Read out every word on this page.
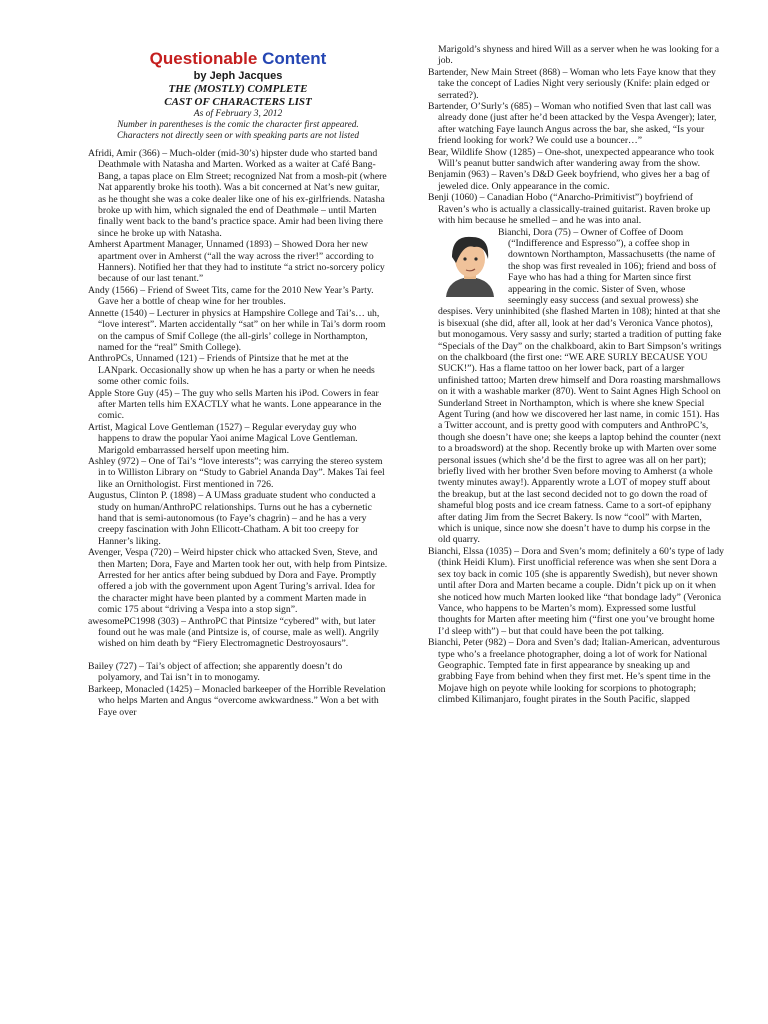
Questionable Content
by Jeph Jacques
THE (MOSTLY) COMPLETE
CAST OF CHARACTERS LIST
As of February 3, 2012
Number in parentheses is the comic the character first appeared.
Characters not directly seen or with speaking parts are not listed
Afridi, Amir (366) – Much-older (mid-30’s) hipster dude who started band Deathmøle with Natasha and Marten. Worked as a waiter at Café Bang-Bang, a tapas place on Elm Street; recognized Nat from a mosh-pit (where Nat apparently broke his tooth). Was a bit concerned at Nat’s new guitar, as he thought she was a coke dealer like one of his ex-girlfriends. Natasha broke up with him, which signaled the end of Deathmøle – until Marten finally went back to the band’s practice space. Amir had been living there since he broke up with Natasha.
Amherst Apartment Manager, Unnamed (1893) – Showed Dora her new apartment over in Amherst (“all the way across the river!” according to Hanners). Notified her that they had to institute “a strict no-sorcery policy because of our last tenant.”
Andy (1566) – Friend of Sweet Tits, came for the 2010 New Year’s Party. Gave her a bottle of cheap wine for her troubles.
Annette (1540) – Lecturer in physics at Hampshire College and Tai’s… uh, “love interest”. Marten accidentally “sat” on her while in Tai’s dorm room on the campus of Smif College (the all-girls’ college in Northampton, named for the “real” Smith College).
AnthroPCs, Unnamed (121) – Friends of Pintsize that he met at the LANpark. Occasionally show up when he has a party or when he needs some other comic foils.
Apple Store Guy (45) – The guy who sells Marten his iPod. Cowers in fear after Marten tells him EXACTLY what he wants. Lone appearance in the comic.
Artist, Magical Love Gentleman (1527) – Regular everyday guy who happens to draw the popular Yaoi anime Magical Love Gentleman. Marigold embarrassed herself upon meeting him.
Ashley (972) – One of Tai’s “love interests”; was carrying the stereo system in to Williston Library on “Study to Gabriel Ananda Day”. Makes Tai feel like an Ornithologist. First mentioned in 726.
Augustus, Clinton P. (1898) – A UMass graduate student who conducted a study on human/AnthroPC relationships. Turns out he has a cybernetic hand that is semi-autonomous (to Faye’s chagrin) – and he has a very creepy fascination with John Ellicott-Chatham. A bit too creepy for Hanner’s liking.
Avenger, Vespa (720) – Weird hipster chick who attacked Sven, Steve, and then Marten; Dora, Faye and Marten took her out, with help from Pintsize. Arrested for her antics after being subdued by Dora and Faye. Promptly offered a job with the government upon Agent Turing’s arrival. Idea for the character might have been planted by a comment Marten made in comic 175 about “driving a Vespa into a stop sign”.
awesomePC1998 (303) – AnthroPC that Pintsize “cybered” with, but later found out he was male (and Pintsize is, of course, male as well). Angrily wished on him death by “Fiery Electromagnetic Destroyosaurs”.
Bailey (727) – Tai’s object of affection; she apparently doesn’t do polyamory, and Tai isn’t in to monogamy.
Barkeep, Monacled (1425) – Monacled barkeeper of the Horrible Revelation who helps Marten and Angus “overcome awkwardness.” Won a bet with Faye over
Marigold’s shyness and hired Will as a server when he was looking for a job.
Bartender, New Main Street (868) – Woman who lets Faye know that they take the concept of Ladies Night very seriously (Knife: plain edged or serrated?).
Bartender, O’Surly’s (685) – Woman who notified Sven that last call was already done (just after he’d been attacked by the Vespa Avenger); later, after watching Faye launch Angus across the bar, she asked, “Is your friend looking for work? We could use a bouncer…”
Bear, Wildlife Show (1285) – One-shot, unexpected appearance who took Will’s peanut butter sandwich after wandering away from the show.
Benjamin (963) – Raven’s D&D Geek boyfriend, who gives her a bag of jeweled dice. Only appearance in the comic.
Benji (1060) – Canadian Hobo (“Anarcho-Primitivist”) boyfriend of Raven’s who is actually a classically-trained guitarist. Raven broke up with him because he smelled – and he was into anal.
Bianchi, Dora (75) – Owner of Coffee of Doom (“Indifference and Espresso”), a coffee shop in downtown Northampton, Massachusetts (the name of the shop was first revealed in 106); friend and boss of Faye who has had a thing for Marten since first appearing in the comic. Sister of Sven, whose seemingly easy success (and sexual prowess) she despises. Very uninhibited (she flashed Marten in 108); hinted at that she is bisexual (she did, after all, look at her dad’s Veronica Vance photos), but monogamous. Very sassy and surly; started a tradition of putting fake “Specials of the Day” on the chalkboard, akin to Bart Simpson’s writings on the chalkboard (the first one: “WE ARE SURLY BECAUSE YOU SUCK!”). Has a flame tattoo on her lower back, part of a larger unfinished tattoo; Marten drew himself and Dora roasting marshmallows on it with a washable marker (870). Went to Saint Agnes High School on Sunderland Street in Northampton, which is where she knew Special Agent Turing (and how we discovered her last name, in comic 151). Has a Twitter account, and is pretty good with computers and AnthroPC’s, though she doesn’t have one; she keeps a laptop behind the counter (next to a broadsword) at the shop. Recently broke up with Marten over some personal issues (which she’d be the first to agree was all on her part); briefly lived with her brother Sven before moving to Amherst (a whole twenty minutes away!). Apparently wrote a LOT of mopey stuff about the breakup, but at the last second decided not to go down the road of shameful blog posts and ice cream fatness. Came to a sort-of epiphany after dating Jim from the Secret Bakery. Is now “cool” with Marten, which is unique, since now she doesn’t have to dump his corpse in the old quarry.
Bianchi, Elssa (1035) – Dora and Sven’s mom; definitely a 60’s type of lady (think Heidi Klum). First unofficial reference was when she sent Dora a sex toy back in comic 105 (she is apparently Swedish), but never shown until after Dora and Marten became a couple. Didn’t pick up on it when she noticed how much Marten looked like “that bondage lady” (Veronica Vance, who happens to be Marten’s mom). Expressed some lustful thoughts for Marten after meeting him (“first one you’ve brought home I’d sleep with”) – but that could have been the pot talking.
Bianchi, Peter (982) – Dora and Sven’s dad; Italian-American, adventurous type who’s a freelance photographer, doing a lot of work for National Geographic. Tempted fate in first appearance by sneaking up and grabbing Faye from behind when they first met. He’s spent time in the Mojave high on peyote while looking for scorpions to photograph; climbed Kilimanjaro, fought pirates in the South Pacific, slapped
